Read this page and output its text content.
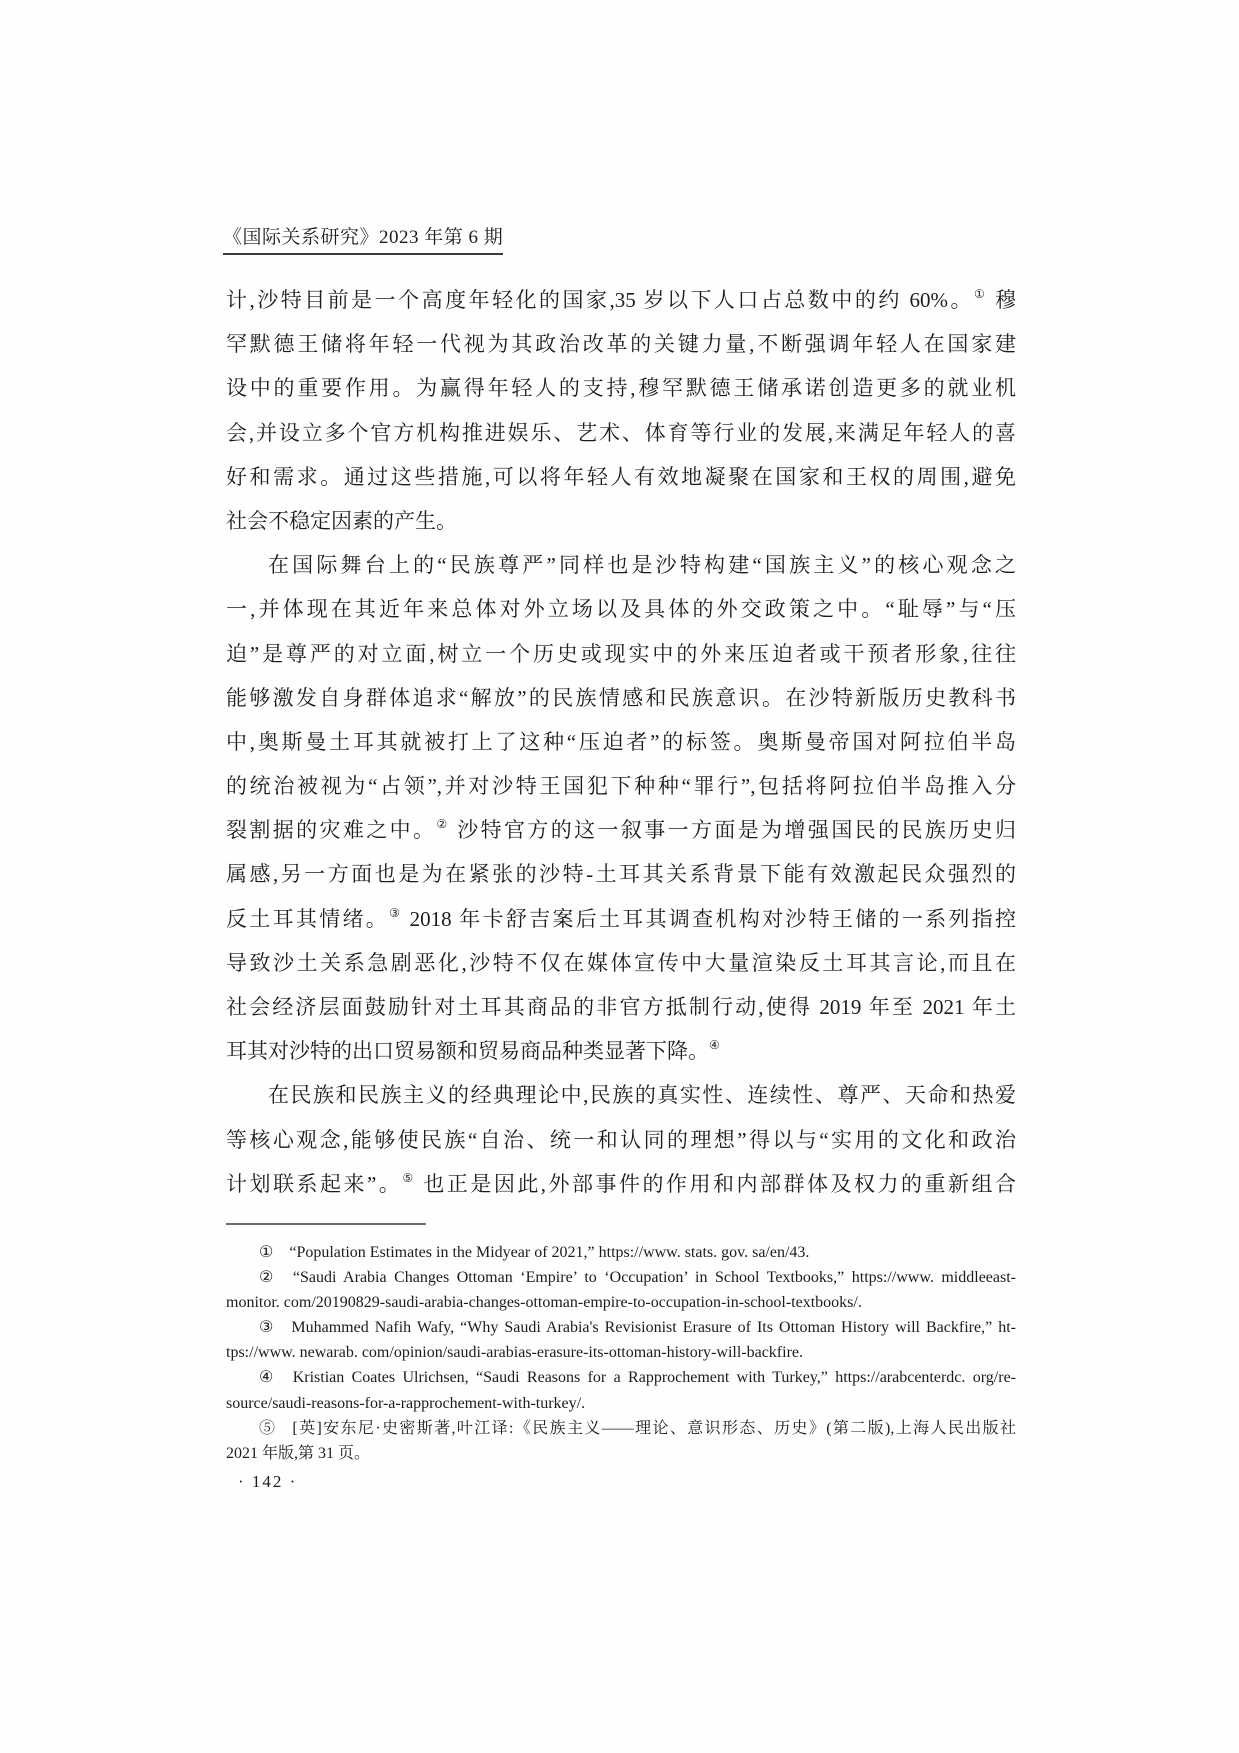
《国际关系研究》2023 年第 6 期
计,沙特目前是一个高度年轻化的国家,35 岁以下人口占总数中的约 60%。① 穆
罕默德王储将年轻一代视为其政治改革的关键力量,不断强调年轻人在国家建
设中的重要作用。为赢得年轻人的支持,穆罕默德王储承诺创造更多的就业机
会,并设立多个官方机构推进娱乐、艺术、体育等行业的发展,来满足年轻人的喜
好和需求。通过这些措施,可以将年轻人有效地凝聚在国家和王权的周围,避免
社会不稳定因素的产生。
在国际舞台上的“民族尊严”同样也是沙特构建“国族主义”的核心观念之
一,并体现在其近年来总体对外立场以及具体的外交政策之中。“耻辱”与“压
迫”是尊严的对立面,树立一个历史或现实中的外来压迫者或干预者形象,往往
能够激发自身群体追求“解放”的民族情感和民族意识。在沙特新版历史教科书
中,奥斯曼土耳其就被打上了这种“压迫者”的标签。奥斯曼帝国对阿拉伯半岛
的统治被视为“占领”,并对沙特王国犯下种种“罪行”,包括将阿拉伯半岛推入分
裂割据的灾难之中。② 沙特官方的这一叙事一方面是为增强国民的民族历史归
属感,另一方面也是为在紧张的沙特-土耳其关系背景下能有效激起民众强烈的
反土耳其情绪。③ 2018 年卡舒吉案后土耳其调查机构对沙特王储的一系列指控
导致沙土关系急剧恶化,沙特不仅在媒体宣传中大量渲染反土耳其言论,而且在
社会经济层面鼓励针对土耳其商品的非官方抵制行动,使得 2019 年至 2021 年土
耳其对沙特的出口贸易额和贸易商品种类显著下降。④
在民族和民族主义的经典理论中,民族的真实性、连续性、尊严、天命和热爱
等核心观念,能够使民族“自治、统一和认同的理想”得以与“实用的文化和政治
计划联系起来”。⑤ 也正是因此,外部事件的作用和内部群体及权力的重新组合
① “Population Estimates in the Midyear of 2021,” https://www. stats. gov. sa/en/43.
② “Saudi Arabia Changes Ottoman ‘Empire’ to ‘Occupation’ in School Textbooks,” https://www. middleeast-
monitor. com/20190829-saudi-arabia-changes-ottoman-empire-to-occupation-in-school-textbooks/.
③ Muhammed Nafih Wafy, “Why Saudi Arabia's Revisionist Erasure of Its Ottoman History will Backfire,” ht-
tps://www. newarab. com/opinion/saudi-arabias-erasure-its-ottoman-history-will-backfire.
④ Kristian Coates Ulrichsen, “Saudi Reasons for a Rapprochement with Turkey,” https://arabcenterdc. org/re-
source/saudi-reasons-for-a-rapprochement-with-turkey/.
⑤ [英]安东尼·史密斯著,叶江译:《民族主义——理论、意识形态、历史》(第二版),上海人民出版社
2021 年版,第 31 页。
· 142 ·
